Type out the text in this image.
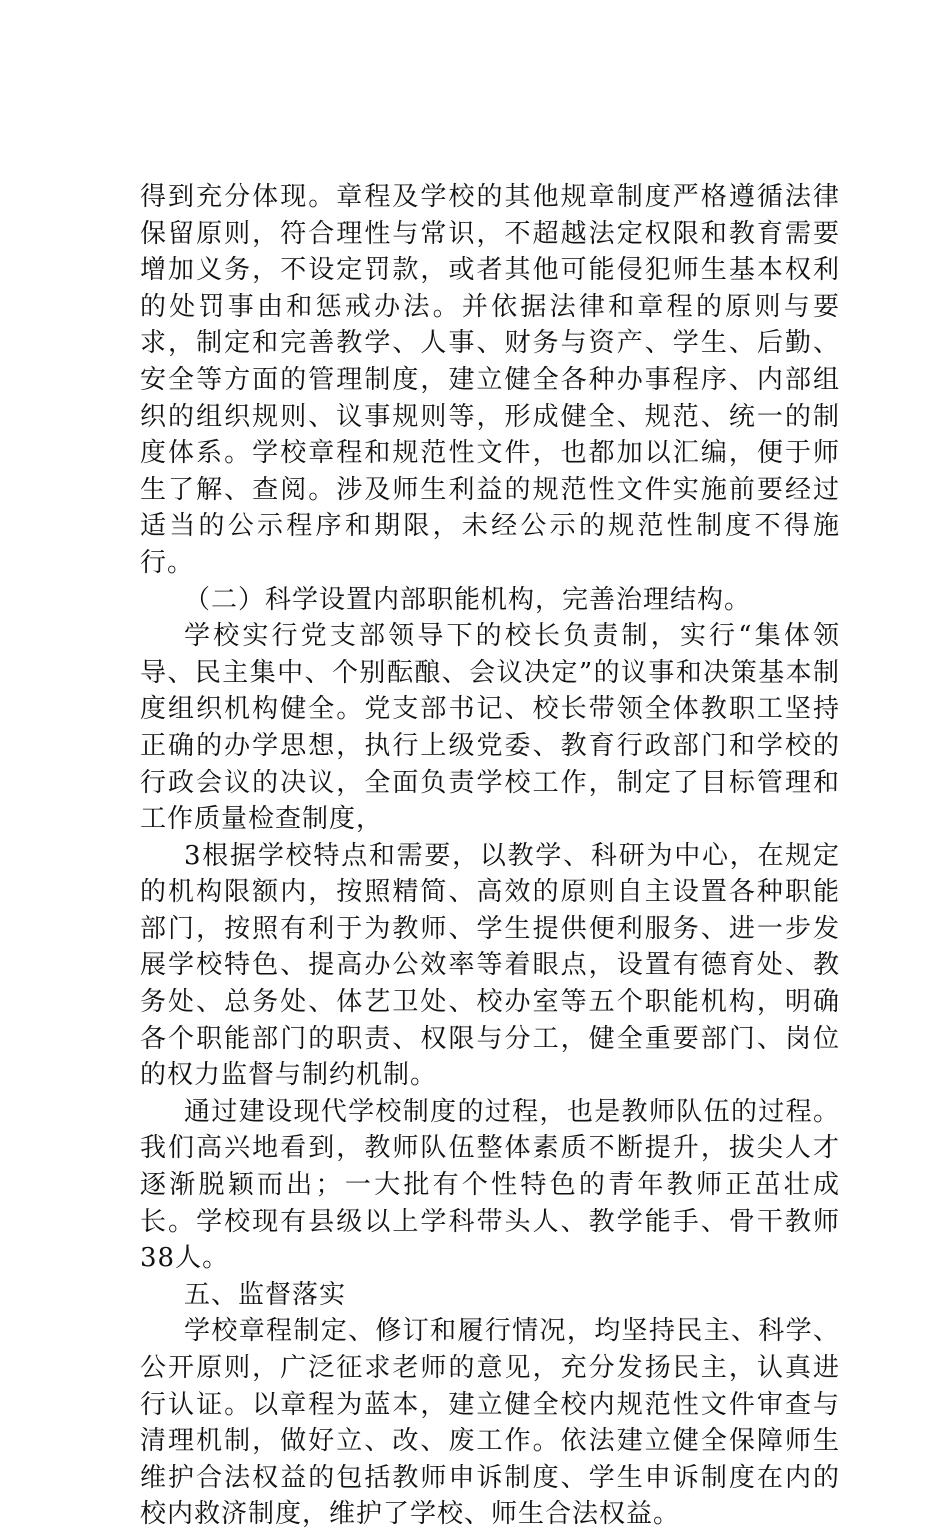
得到充分体现。章程及学校的其他规章制度严格遵循法律保留原则，符合理性与常识，不超越法定权限和教育需要增加义务，不设定罚款，或者其他可能侵犯师生基本权利的处罚事由和惩戒办法。并依据法律和章程的原则与要求，制定和完善教学、人事、财务与资产、学生、后勤、安全等方面的管理制度，建立健全各种办事程序、内部组织的组织规则、议事规则等，形成健全、规范、统一的制度体系。学校章程和规范性文件，也都加以汇编，便于师生了解、查阅。涉及师生利益的规范性文件实施前要经过适当的公示程序和期限，未经公示的规范性制度不得施行。

（二）科学设置内部职能机构，完善治理结构。

学校实行党支部领导下的校长负责制，实行“集体领导、民主集中、个别酝酿、会议决定”的议事和决策基本制度组织机构健全。党支部书记、校长带领全体教职工坚持正确的办学思想，执行上级党委、教育行政部门和学校的行政会议的决议，全面负责学校工作，制定了目标管理和工作质量检查制度，

3根据学校特点和需要，以教学、科研为中心，在规定的机构限额内，按照精简、高效的原则自主设置各种职能部门，按照有利于为教师、学生提供便利服务、进一步发展学校特色、提高办公效率等着眼点，设置有德育处、教务处、总务处、体艺卫处、校办室等五个职能机构，明确各个职能部门的职责、权限与分工，健全重要部门、岗位的权力监督与制约机制。

通过建设现代学校制度的过程，也是教师队伍的过程。我们高兴地看到，教师队伍整体素质不断提升，拔尖人才逐渐脱颖而出；一大批有个性特色的青年教师正茁壮成长。学校现有县级以上学科带头人、教学能手、骨干教师38人。

五、监督落实

学校章程制定、修订和履行情况，均坚持民主、科学、公开原则，广泛征求老师的意见，充分发扬民主，认真进行认证。以章程为蓝本，建立健全校内规范性文件审查与清理机制，做好立、改、废工作。依法建立健全保障师生维护合法权益的包括教师申诉制度、学生申诉制度在内的校内救济制度，维护了学校、师生合法权益。
